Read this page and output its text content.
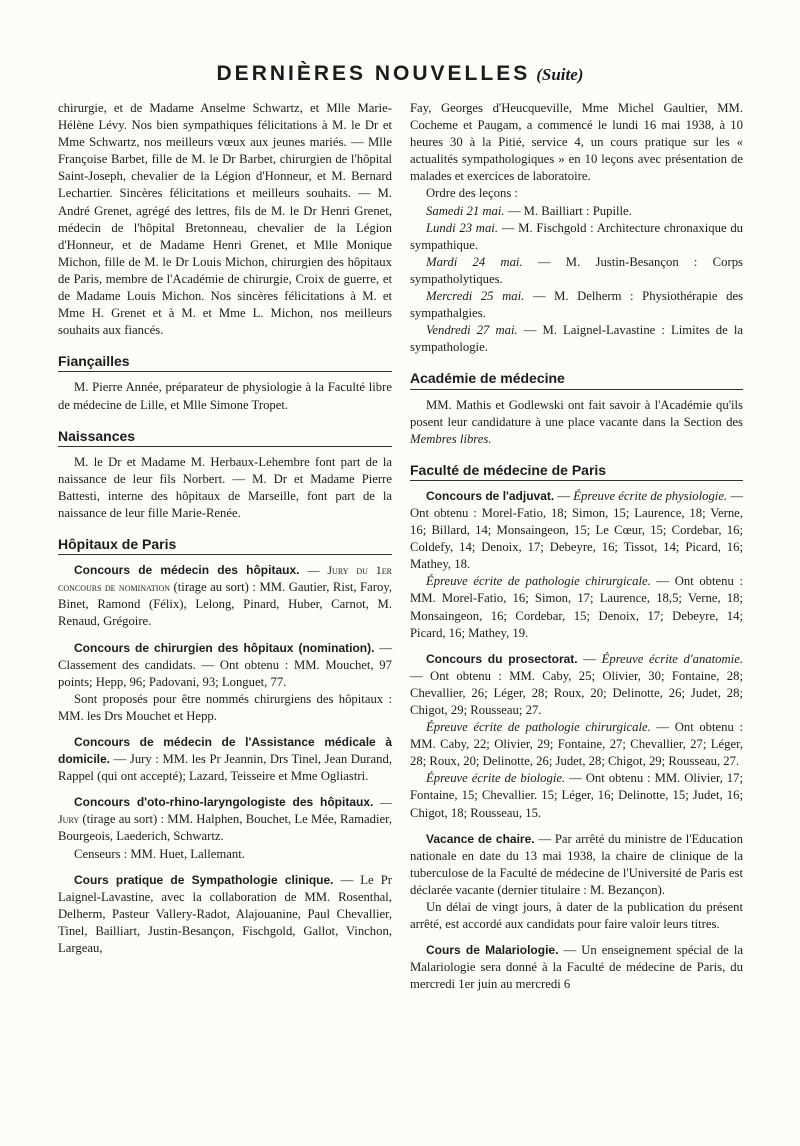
DERNIÈRES NOUVELLES (Suite)

chirurgie, et de Madame Anselme Schwartz, et Mlle Marie-Hélène Lévy. Nos bien sympathiques félicitations à M. le Dr et Mme Schwartz, nos meilleurs vœux aux jeunes mariés. — Mlle Françoise Barbet, fille de M. le Dr Barbet, chirurgien de l'hôpital Saint-Joseph, chevalier de la Légion d'Honneur, et M. Bernard Lechartier. Sincères félicitations et meilleurs souhaits. — M. André Grenet, agrégé des lettres, fils de M. le Dr Henri Grenet, médecin de l'hôpital Bretonneau, chevalier de la Légion d'Honneur, et de Madame Henri Grenet, et Mlle Monique Michon, fille de M. le Dr Louis Michon, chirurgien des hôpitaux de Paris, membre de l'Académie de chirurgie, Croix de guerre, et de Madame Louis Michon. Nos sincères félicitations à M. et Mme H. Grenet et à M. et Mme L. Michon, nos meilleurs souhaits aux fiancés.

Fiançailles

M. Pierre Année, préparateur de physiologie à la Faculté libre de médecine de Lille, et Mlle Simone Tropet.

Naissances

M. le Dr et Madame M. Herbaux-Lehembre font part de la naissance de leur fils Norbert. — M. Dr et Madame Pierre Battesti, interne des hôpitaux de Marseille, font part de la naissance de leur fille Marie-Renée.

Hôpitaux de Paris

Concours de médecin des hôpitaux. — Jury du 1er concours de nomination (tirage au sort) : MM. Gautier, Rist, Faroy, Binet, Ramond (Félix), Lelong, Pinard, Huber, Carnot, M. Renaud, Grégoire.

Concours de chirurgien des hôpitaux (nomination). — Classement des candidats. — Ont obtenu : MM. Mouchet, 97 points; Hepp, 96; Padovani, 93; Longuet, 77.

Sont proposés pour être nommés chirurgiens des hôpitaux : MM. les Drs Mouchet et Hepp.

Concours de médecin de l'Assistance médicale à domicile. — Jury : MM. les Pr Jeannin, Drs Tinel, Jean Durand, Rappel (qui ont accepté); Lazard, Teisseire et Mme Ogliastri.

Concours d'oto-rhino-laryngologiste des hôpitaux. — Jury (tirage au sort) : MM. Halphen, Bouchet, Le Mée, Ramadier, Bourgeois, Laederich, Schwartz.

Censeurs : MM. Huet, Lallemant.

Cours pratique de Sympathologie clinique. — Le Pr Laignel-Lavastine, avec la collaboration de MM. Rosenthal, Delherm, Pasteur Vallery-Radot, Alajouanine, Paul Chevallier, Tinel, Bailliart, Justin-Besançon, Fischgold, Gallot, Vinchon, Largeau,

Fay, Georges d'Heucqueville, Mme Michel Gaultier, MM. Cocheme et Paugam, a commencé le lundi 16 mai 1938, à 10 heures 30 à la Pitié, service 4, un cours pratique sur les « actualités sympathologiques » en 10 leçons avec présentation de malades et exercices de laboratoire.

Ordre des leçons :

Samedi 21 mai. — M. Bailliart : Pupille.

Lundi 23 mai. — M. Fischgold : Architecture chronaxique du sympathique.

Mardi 24 mai. — M. Justin-Besançon : Corps sympatholytiques.

Mercredi 25 mai. — M. Delherm : Physiothérapie des sympathalgies.

Vendredi 27 mai. — M. Laignel-Lavastine : Limites de la sympathologie.

Académie de médecine

MM. Mathis et Godlewski ont fait savoir à l'Académie qu'ils posent leur candidature à une place vacante dans la Section des Membres libres.

Faculté de médecine de Paris

Concours de l'adjuvat. — Épreuve écrite de physiologie. — Ont obtenu : Morel-Fatio, 18; Simon, 15; Laurence, 18; Verne, 16; Billard, 14; Monsaingeon, 15; Le Cœur, 15; Cordebar, 16; Coldefy, 14; Denoix, 17; Debeyre, 16; Tissot, 14; Picard, 16; Mathey, 18.

Épreuve écrite de pathologie chirurgicale. — Ont obtenu : MM. Morel-Fatio, 16; Simon, 17; Laurence, 18,5; Verne, 18; Monsaingeon, 16; Cordebar, 15; Denoix, 17; Debeyre, 14; Picard, 16; Mathey, 19.

Concours du prosectorat. — Épreuve écrite d'anatomie. — Ont obtenu : MM. Caby, 25; Olivier, 30; Fontaine, 28; Chevallier, 26; Léger, 28; Roux, 20; Delinotte, 26; Judet, 28; Chigot, 29; Rousseau; 27.

Épreuve écrite de pathologie chirurgicale. — Ont obtenu : MM. Caby, 22; Olivier, 29; Fontaine, 27; Chevallier, 27; Léger, 28; Roux, 20; Delinotte, 26; Judet, 28; Chigot, 29; Rousseau, 27.

Épreuve écrite de biologie. — Ont obtenu : MM. Olivier, 17; Fontaine, 15; Chevallier. 15; Léger, 16; Delinotte, 15; Judet, 16; Chigot, 18; Rousseau, 15.

Vacance de chaire. — Par arrêté du ministre de l'Education nationale en date du 13 mai 1938, la chaire de clinique de la tuberculose de la Faculté de médecine de l'Université de Paris est déclarée vacante (dernier titulaire : M. Bezançon).

Un délai de vingt jours, à dater de la publication du présent arrêté, est accordé aux candidats pour faire valoir leurs titres.

Cours de Malariologie. — Un enseignement spécial de la Malariologie sera donné à la Faculté de médecine de Paris, du mercredi 1er juin au mercredi 6
